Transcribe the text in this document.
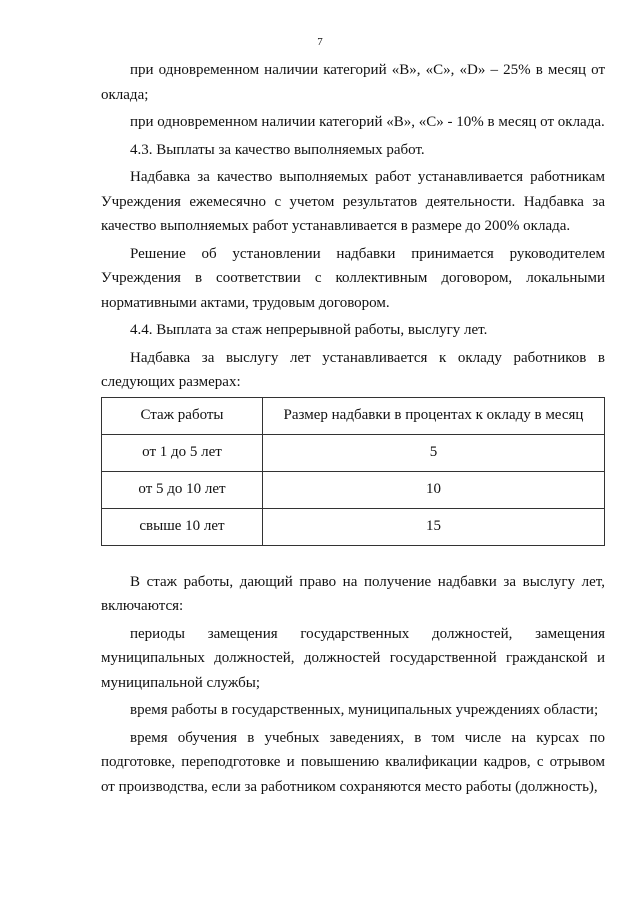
7

при одновременном наличии категорий «В», «С», «D» – 25% в месяц от оклада;

при одновременном наличии категорий «В», «С» - 10% в месяц от оклада.

4.3. Выплаты за качество выполняемых работ.

Надбавка за качество выполняемых работ устанавливается работникам Учреждения ежемесячно с учетом результатов деятельности. Надбавка за качество выполняемых работ устанавливается в размере до 200% оклада.

Решение об установлении надбавки принимается руководителем Учреждения в соответствии с коллективным договором, локальными нормативными актами, трудовым договором.

4.4. Выплата за стаж непрерывной работы, выслугу лет.

Надбавка за выслугу лет устанавливается к окладу работников в следующих размерах:

Стаж работы	Размер надбавки в процентах к окладу в месяц
от 1 до 5 лет	5
от 5 до 10 лет	10
свыше 10 лет	15

В стаж работы, дающий право на получение надбавки за выслугу лет, включаются:

периоды замещения государственных должностей, замещения муниципальных должностей, должностей государственной гражданской и муниципальной службы;

время работы в государственных, муниципальных учреждениях области;

время обучения в учебных заведениях, в том числе на курсах по подготовке, переподготовке и повышению квалификации кадров, с отрывом от производства, если за работником сохраняются место работы (должность),
